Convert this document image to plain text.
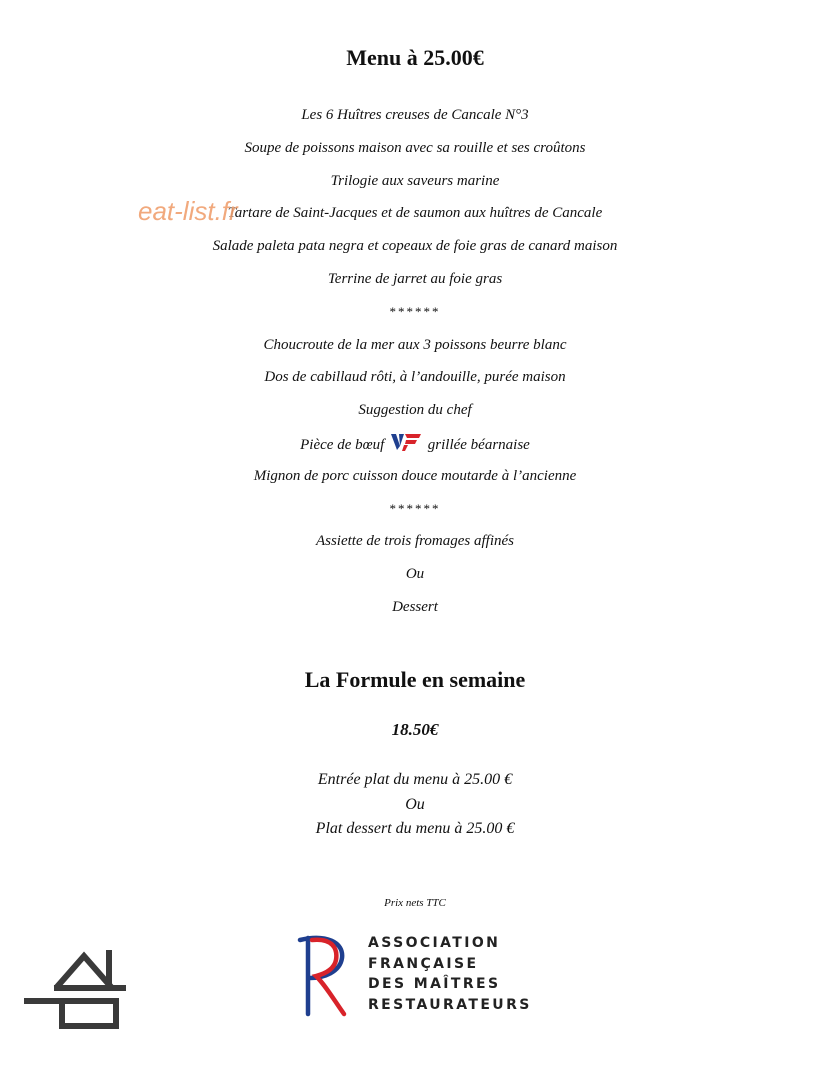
Menu à 25.00€
Les 6 Huîtres creuses de Cancale N°3
Soupe de poissons maison avec sa rouille et ses croûtons
Trilogie aux saveurs marine
Tartare de Saint-Jacques et de saumon aux huîtres de Cancale
Salade paleta pata negra et copeaux de foie gras de canard maison
Terrine de jarret au foie gras
******
Choucroute de la mer aux 3 poissons beurre blanc
Dos de cabillaud rôti, à l’andouille, purée maison
Suggestion du chef
Pièce de bœuf	grillée béarnaise
Mignon de porc cuisson douce moutarde à l’ancienne
******
Assiette de trois fromages affinés
Ou
Dessert
eat-list.fr
La Formule en semaine
18.50€
Entrée plat du menu à 25.00 €
Ou
Plat dessert du menu à 25.00 €
Prix nets TTC
ASSOCIATION
FRANÇAISE
DES MAÎTRES
RESTAURATEURS
